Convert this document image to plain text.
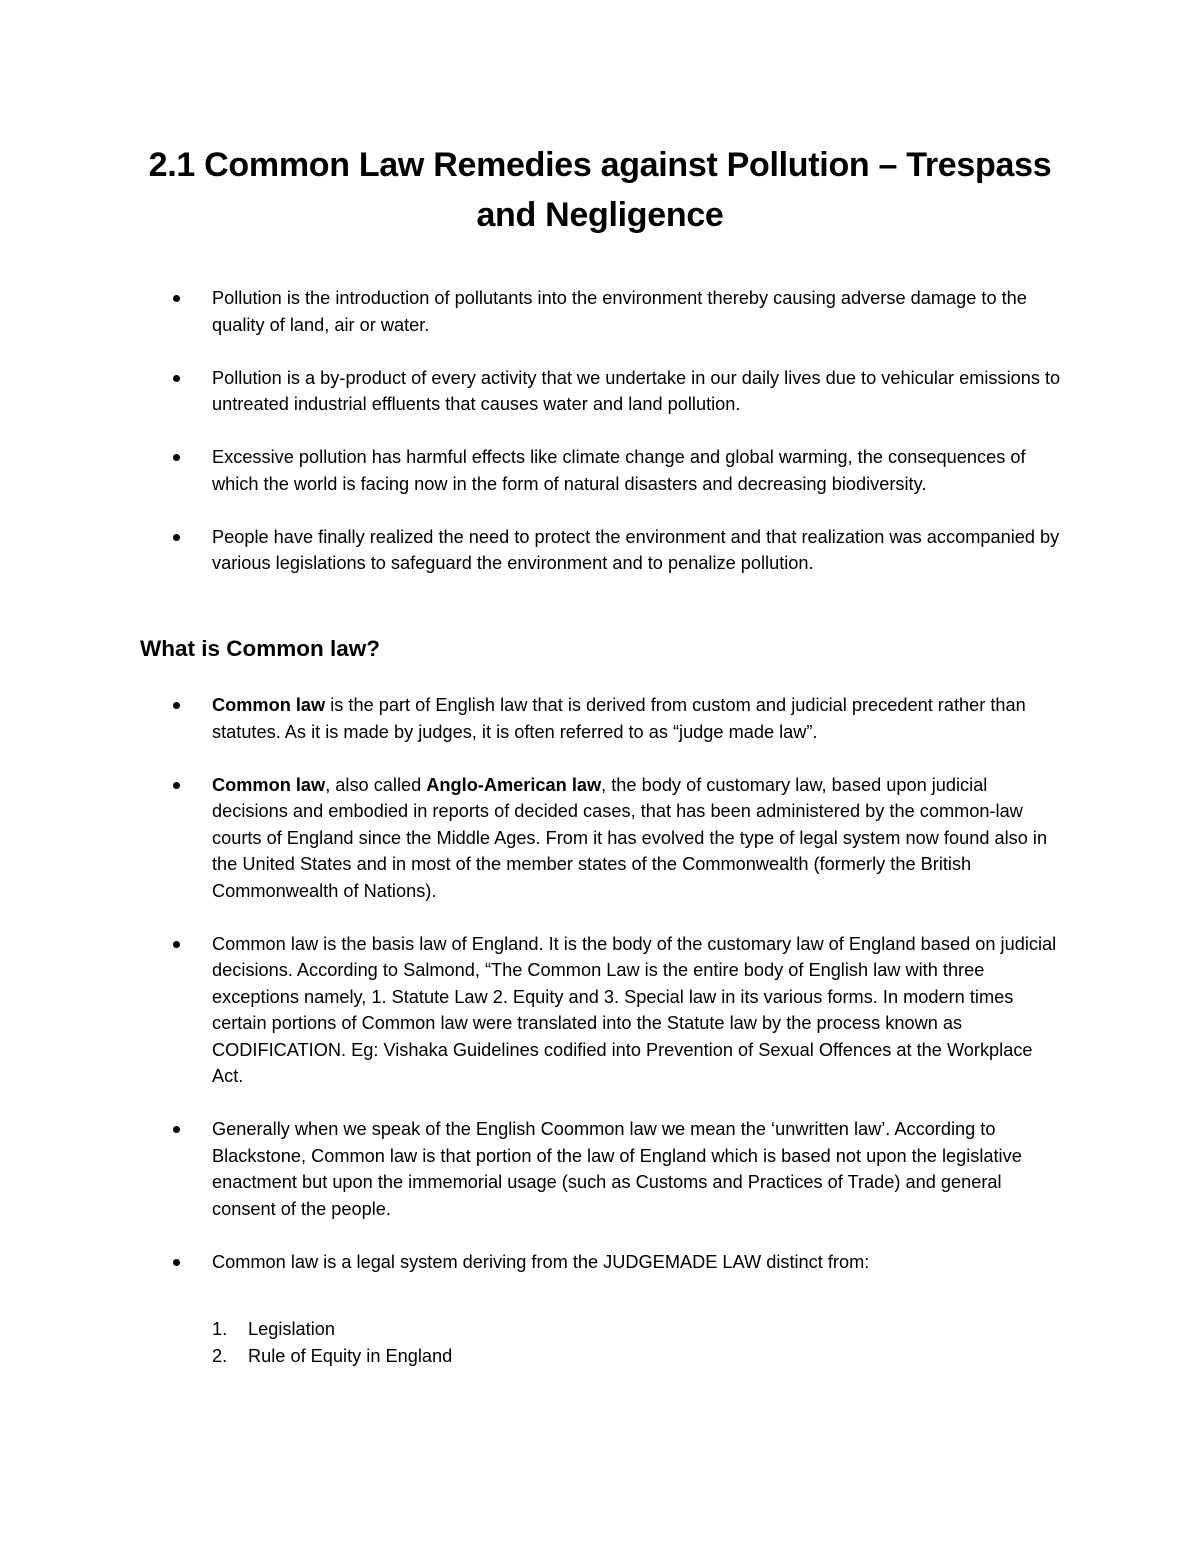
2.1 Common Law Remedies against Pollution – Trespass and Negligence
Pollution is the introduction of pollutants into the environment thereby causing adverse damage to the quality of land, air or water.
Pollution is a by-product of every activity that we undertake in our daily lives due to vehicular emissions to untreated industrial effluents that causes water and land pollution.
Excessive pollution has harmful effects like climate change and global warming, the consequences of which the world is facing now in the form of natural disasters and decreasing biodiversity.
People have finally realized the need to protect the environment and that realization was accompanied by various legislations to safeguard the environment and to penalize pollution.
What is Common law?
Common law is the part of English law that is derived from custom and judicial precedent rather than statutes. As it is made by judges, it is often referred to as “judge made law”.
Common law, also called Anglo-American law, the body of customary law, based upon judicial decisions and embodied in reports of decided cases, that has been administered by the common-law courts of England since the Middle Ages. From it has evolved the type of legal system now found also in the United States and in most of the member states of the Commonwealth (formerly the British Commonwealth of Nations).
Common law is the basis law of England. It is the body of the customary law of England based on judicial decisions. According to Salmond, “The Common Law is the entire body of English law with three exceptions namely, 1. Statute Law 2. Equity and 3. Special law in its various forms. In modern times certain portions of Common law were translated into the Statute law by the process known as CODIFICATION. Eg: Vishaka Guidelines codified into Prevention of Sexual Offences at the Workplace Act.
Generally when we speak of the English Coommon law we mean the ‘unwritten law’. According to Blackstone, Common law is that portion of the law of England which is based not upon the legislative enactment but upon the immemorial usage (such as Customs and Practices of Trade) and general consent of the people.
Common law is a legal system deriving from the JUDGEMADE LAW distinct from:
1. Legislation
2. Rule of Equity in England
